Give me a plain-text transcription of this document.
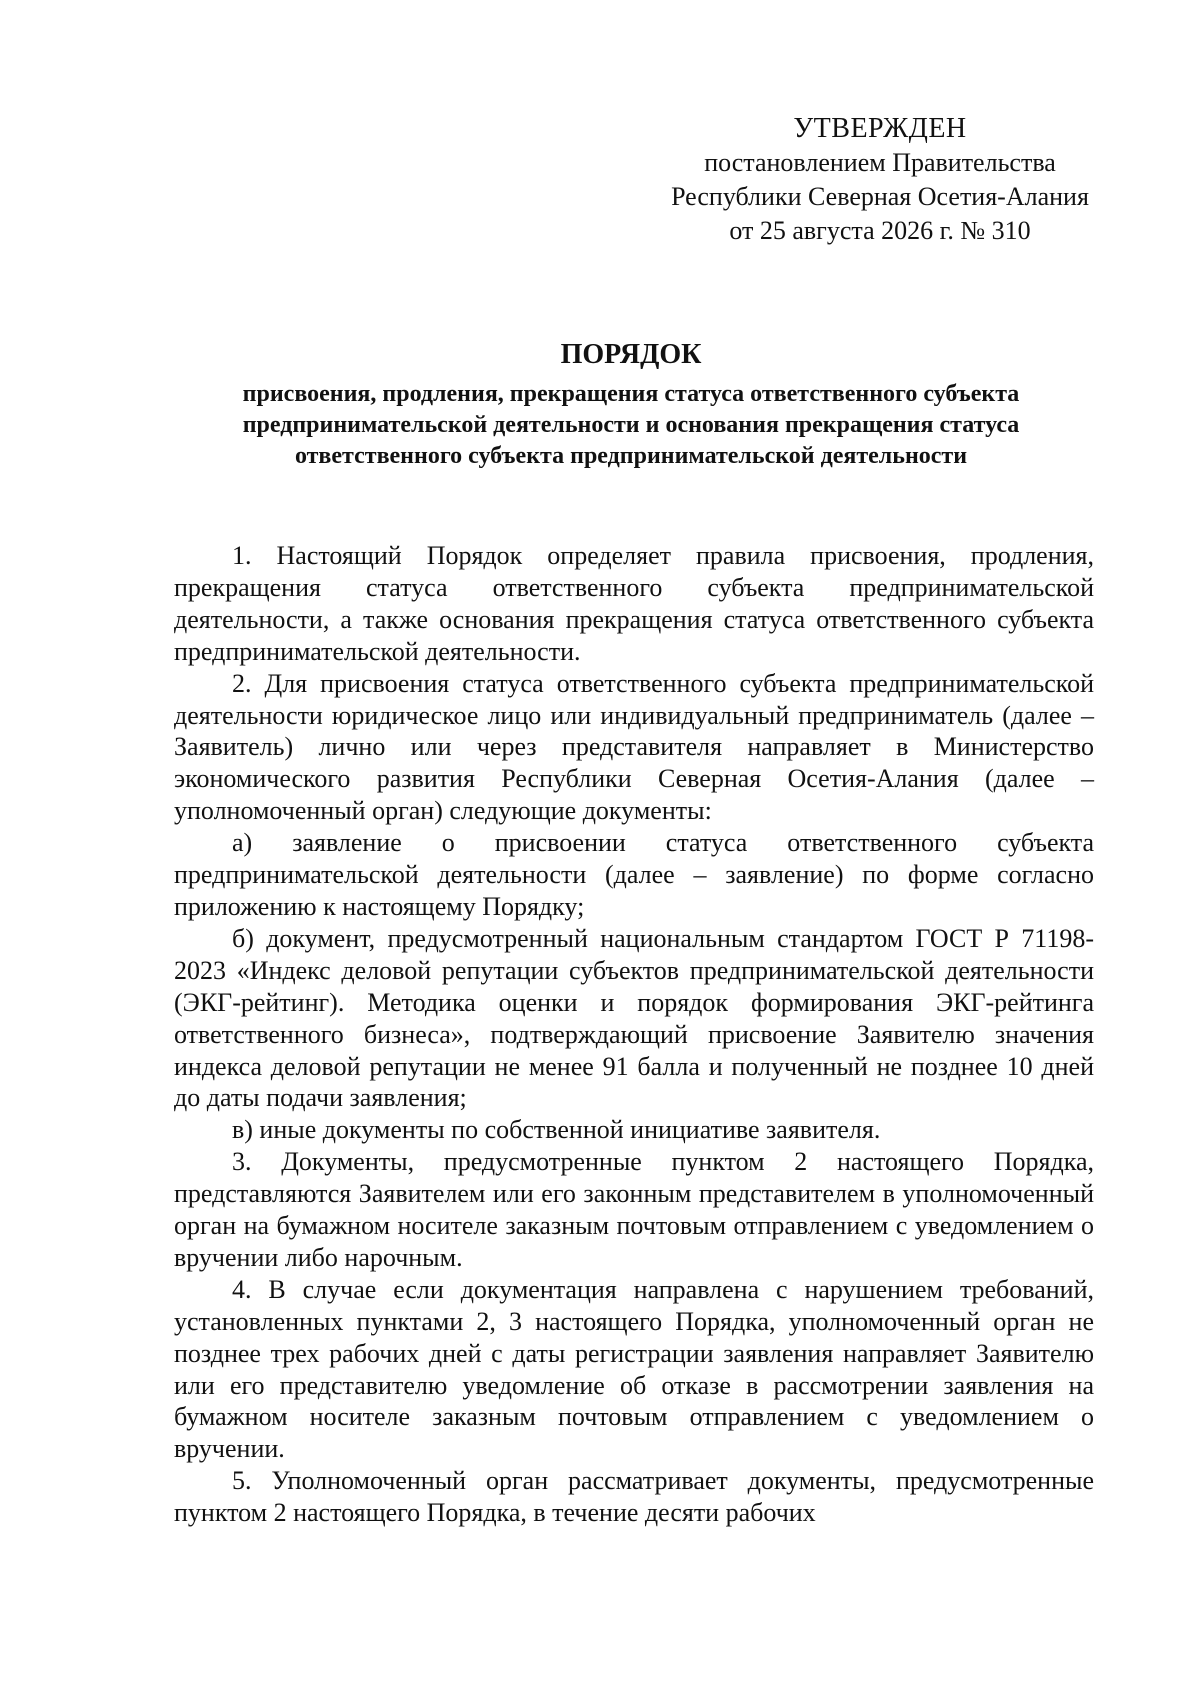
УТВЕРЖДЕН
постановлением Правительства
Республики Северная Осетия-Алания
от 25 августа 2026 г. № 310
ПОРЯДОК
присвоения, продления, прекращения статуса ответственного субъекта предпринимательской деятельности и основания прекращения статуса ответственного субъекта предпринимательской деятельности

1. Настоящий Порядок определяет правила присвоения, продления, прекращения статуса ответственного субъекта предпринимательской деятельности, а также основания прекращения статуса ответственного субъекта предпринимательской деятельности.

2. Для присвоения статуса ответственного субъекта предпринимательской деятельности юридическое лицо или индивидуальный предприниматель (далее – Заявитель) лично или через представителя направляет в Министерство экономического развития Республики Северная Осетия-Алания (далее – уполномоченный орган) следующие документы:

а) заявление о присвоении статуса ответственного субъекта предпринимательской деятельности (далее – заявление) по форме согласно приложению к настоящему Порядку;

б) документ, предусмотренный национальным стандартом ГОСТ Р 71198-2023 «Индекс деловой репутации субъектов предпринимательской деятельности (ЭКГ-рейтинг). Методика оценки и порядок формирования ЭКГ-рейтинга ответственного бизнеса», подтверждающий присвоение Заявителю значения индекса деловой репутации не менее 91 балла и полученный не позднее 10 дней до даты подачи заявления;

в) иные документы по собственной инициативе заявителя.

3. Документы, предусмотренные пунктом 2 настоящего Порядка, представляются Заявителем или его законным представителем в уполномоченный орган на бумажном носителе заказным почтовым отправлением с уведомлением о вручении либо нарочным.

4. В случае если документация направлена с нарушением требований, установленных пунктами 2, 3 настоящего Порядка, уполномоченный орган не позднее трех рабочих дней с даты регистрации заявления направляет Заявителю или его представителю уведомление об отказе в рассмотрении заявления на бумажном носителе заказным почтовым отправлением с уведомлением о вручении.

5. Уполномоченный орган рассматривает документы, предусмотренные пунктом 2 настоящего Порядка, в течение десяти рабочих
